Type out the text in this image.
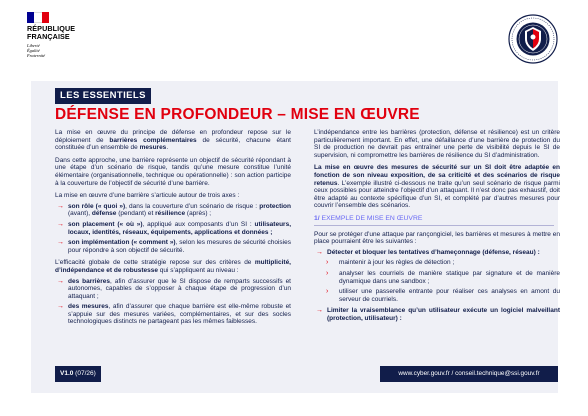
RÉPUBLIQUE
FRANÇAISE
Liberté
Égalité
Fraternité
LES ESSENTIELS
DÉFENSE EN PROFONDEUR – MISE EN ŒUVRE

La mise en œuvre du principe de défense en profondeur repose sur le déploiement de barrières complémentaires de sécurité, chacune étant constituée d’un ensemble de mesures.

Dans cette approche, une barrière représente un objectif de sécurité répondant à une étape d’un scénario de risque, tandis qu’une mesure constitue l’unité élémentaire (organisationnelle, technique ou opérationnelle) : son action participe à la couverture de l’objectif de sécurité d’une barrière.

La mise en œuvre d’une barrière s’articule autour de trois axes :

→ son rôle (« quoi »), dans la couverture d’un scénario de risque : protection (avant), défense (pendant) et résilience (après) ;
→ son placement (« où »), appliqué aux composants d’un SI : utilisateurs, locaux, identités, réseaux, équipements, applications et données ;
→ son implémentation (« comment »), selon les mesures de sécurité choisies pour répondre à son objectif de sécurité.

L’efficacité globale de cette stratégie repose sur des critères de multiplicité, d’indépendance et de robustesse qui s’appliquent au niveau :

→ des barrières, afin d’assurer que le SI dispose de remparts successifs et autonomes, capables de s’opposer à chaque étape de progression d’un attaquant ;
→ des mesures, afin d’assurer que chaque barrière est elle-même robuste et s’appuie sur des mesures variées, complémentaires, et sur des socles technologiques distincts ne partageant pas les mêmes faiblesses.

L’indépendance entre les barrières (protection, défense et résilience) est un critère particulièrement important. En effet, une défaillance d’une barrière de protection du SI de production ne devrait pas entraîner une perte de visibilité depuis le SI de supervision, ni compromettre les barrières de résilience du SI d’administration.

La mise en œuvre des mesures de sécurité sur un SI doit être adaptée en fonction de son niveau exposition, de sa criticité et des scénarios de risque retenus. L’exemple illustré ci-dessous ne traite qu’un seul scénario de risque parmi ceux possibles pour atteindre l’objectif d’un attaquant. Il n’est donc pas exhaustif, doit être adapté au contexte spécifique d’un SI, et complété par d’autres mesures pour couvrir l’ensemble des scénarios.

1/ EXEMPLE DE MISE EN ŒUVRE

Pour se protéger d’une attaque par rançongiciel, les barrières et mesures à mettre en place pourraient être les suivantes :

→ Détecter et bloquer les tentatives d’hameçonnage (défense, réseau) :
› maintenir à jour les règles de détection ;
› analyser les courriels de manière statique par signature et de manière dynamique dans une sandbox ;
› utiliser une passerelle entrante pour réaliser ces analyses en amont du serveur de courriels.
→ Limiter la vraisemblance qu’un utilisateur exécute un logiciel malveillant (protection, utilisateur) :
V1.0 (07/26)	www.cyber.gouv.fr / conseil.technique@ssi.gouv.fr
